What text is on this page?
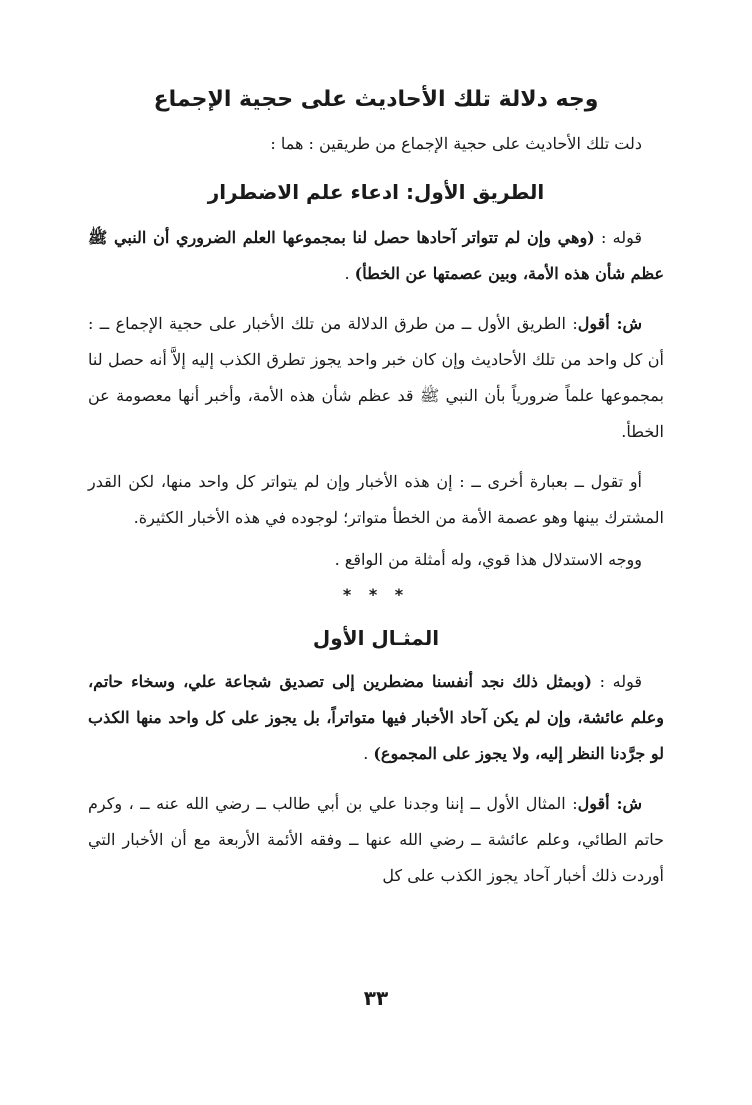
وجه دلالة تلك الأحاديث على حجية الإجماع

دلت تلك الأحاديث على حجية الإجماع من طريقين : هما :

الطريق الأول: ادعاء علم الاضطرار

قوله : (وهي وإن لم تتواتر آحادها حصل لنا بمجموعها العلم الضروري أن النبي ﷺ عظم شأن هذه الأمة، وبين عصمتها عن الخطأ) .

ش: أقول: الطريق الأول ــ من طرق الدلالة من تلك الأخبار على حجية الإجماع ــ : أن كل واحد من تلك الأحاديث وإن كان خبر واحد يجوز تطرق الكذب إليه إلاَّ أنه حصل لنا بمجموعها علماً ضرورياً بأن النبي ﷺ قد عظم شأن هذه الأمة، وأخبر أنها معصومة عن الخطأ.

أو تقول ــ بعبارة أخرى ــ : إن هذه الأخبار وإن لم يتواتر كل واحد منها، لكن القدر المشترك بينها وهو عصمة الأمة من الخطأ متواتر؛ لوجوده في هذه الأخبار الكثيرة.

ووجه الاستدلال هذا قوي، وله أمثلة من الواقع .

* * *
المثـال الأول

قوله : (وبمثل ذلك نجد أنفسنا مضطرين إلى تصديق شجاعة علي، وسخاء حاتم، وعلم عائشة، وإن لم يكن آحاد الأخبار فيها متواتراً، بل يجوز على كل واحد منها الكذب لو جرَّدنا النظر إليه، ولا يجوز على المجموع) .

ش: أقول: المثال الأول ــ إننا وجدنا علي بن أبي طالب ــ رضي الله عنه ــ ، وكرم حاتم الطائي، وعلم عائشة ــ رضي الله عنها ــ وفقه الأئمة الأربعة مع أن الأخبار التي أوردت ذلك أخبار آحاد يجوز الكذب على كل

٣٣
